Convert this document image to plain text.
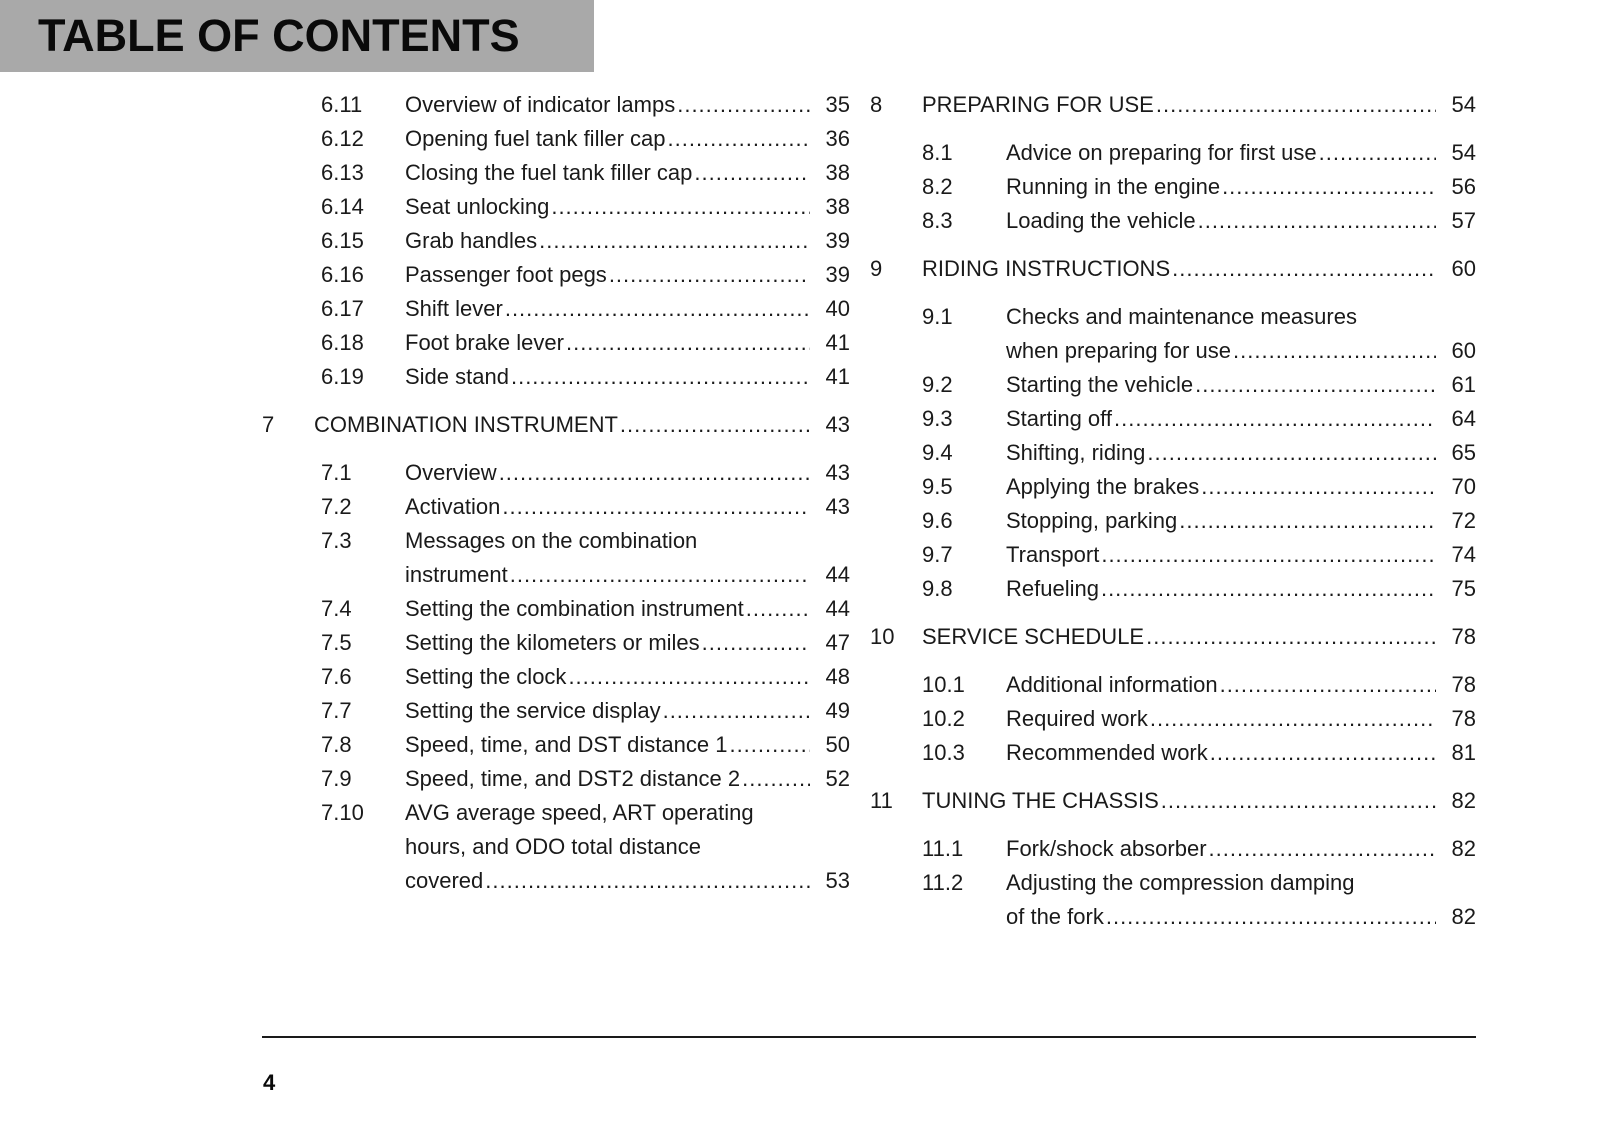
TABLE OF CONTENTS
6.11	Overview of indicator lamps .....	35
6.12	Opening fuel tank filler cap .....	36
6.13	Closing the fuel tank filler cap .....	38
6.14	Seat unlocking .....	38
6.15	Grab handles .....	39
6.16	Passenger foot pegs .....	39
6.17	Shift lever .....	40
6.18	Foot brake lever .....	41
6.19	Side stand .....	41
7	COMBINATION INSTRUMENT .....	43
7.1	Overview .....	43
7.2	Activation .....	43
7.3	Messages on the combination
instrument .....	44
7.4	Setting the combination instrument .....	44
7.5	Setting the kilometers or miles .....	47
7.6	Setting the clock .....	48
7.7	Setting the service display .....	49
7.8	Speed, time, and DST distance 1 .....	50
7.9	Speed, time, and DST2 distance 2 .....	52
7.10	AVG average speed, ART operating
hours, and ODO total distance
covered .....	53
8	PREPARING FOR USE .....	54
8.1	Advice on preparing for first use .....	54
8.2	Running in the engine .....	56
8.3	Loading the vehicle .....	57
9	RIDING INSTRUCTIONS .....	60
9.1	Checks and maintenance measures
when preparing for use .....	60
9.2	Starting the vehicle .....	61
9.3	Starting off .....	64
9.4	Shifting, riding .....	65
9.5	Applying the brakes .....	70
9.6	Stopping, parking .....	72
9.7	Transport .....	74
9.8	Refueling .....	75
10	SERVICE SCHEDULE .....	78
10.1	Additional information .....	78
10.2	Required work .....	78
10.3	Recommended work .....	81
11	TUNING THE CHASSIS .....	82
11.1	Fork/shock absorber .....	82
11.2	Adjusting the compression damping
of the fork .....	82
4
